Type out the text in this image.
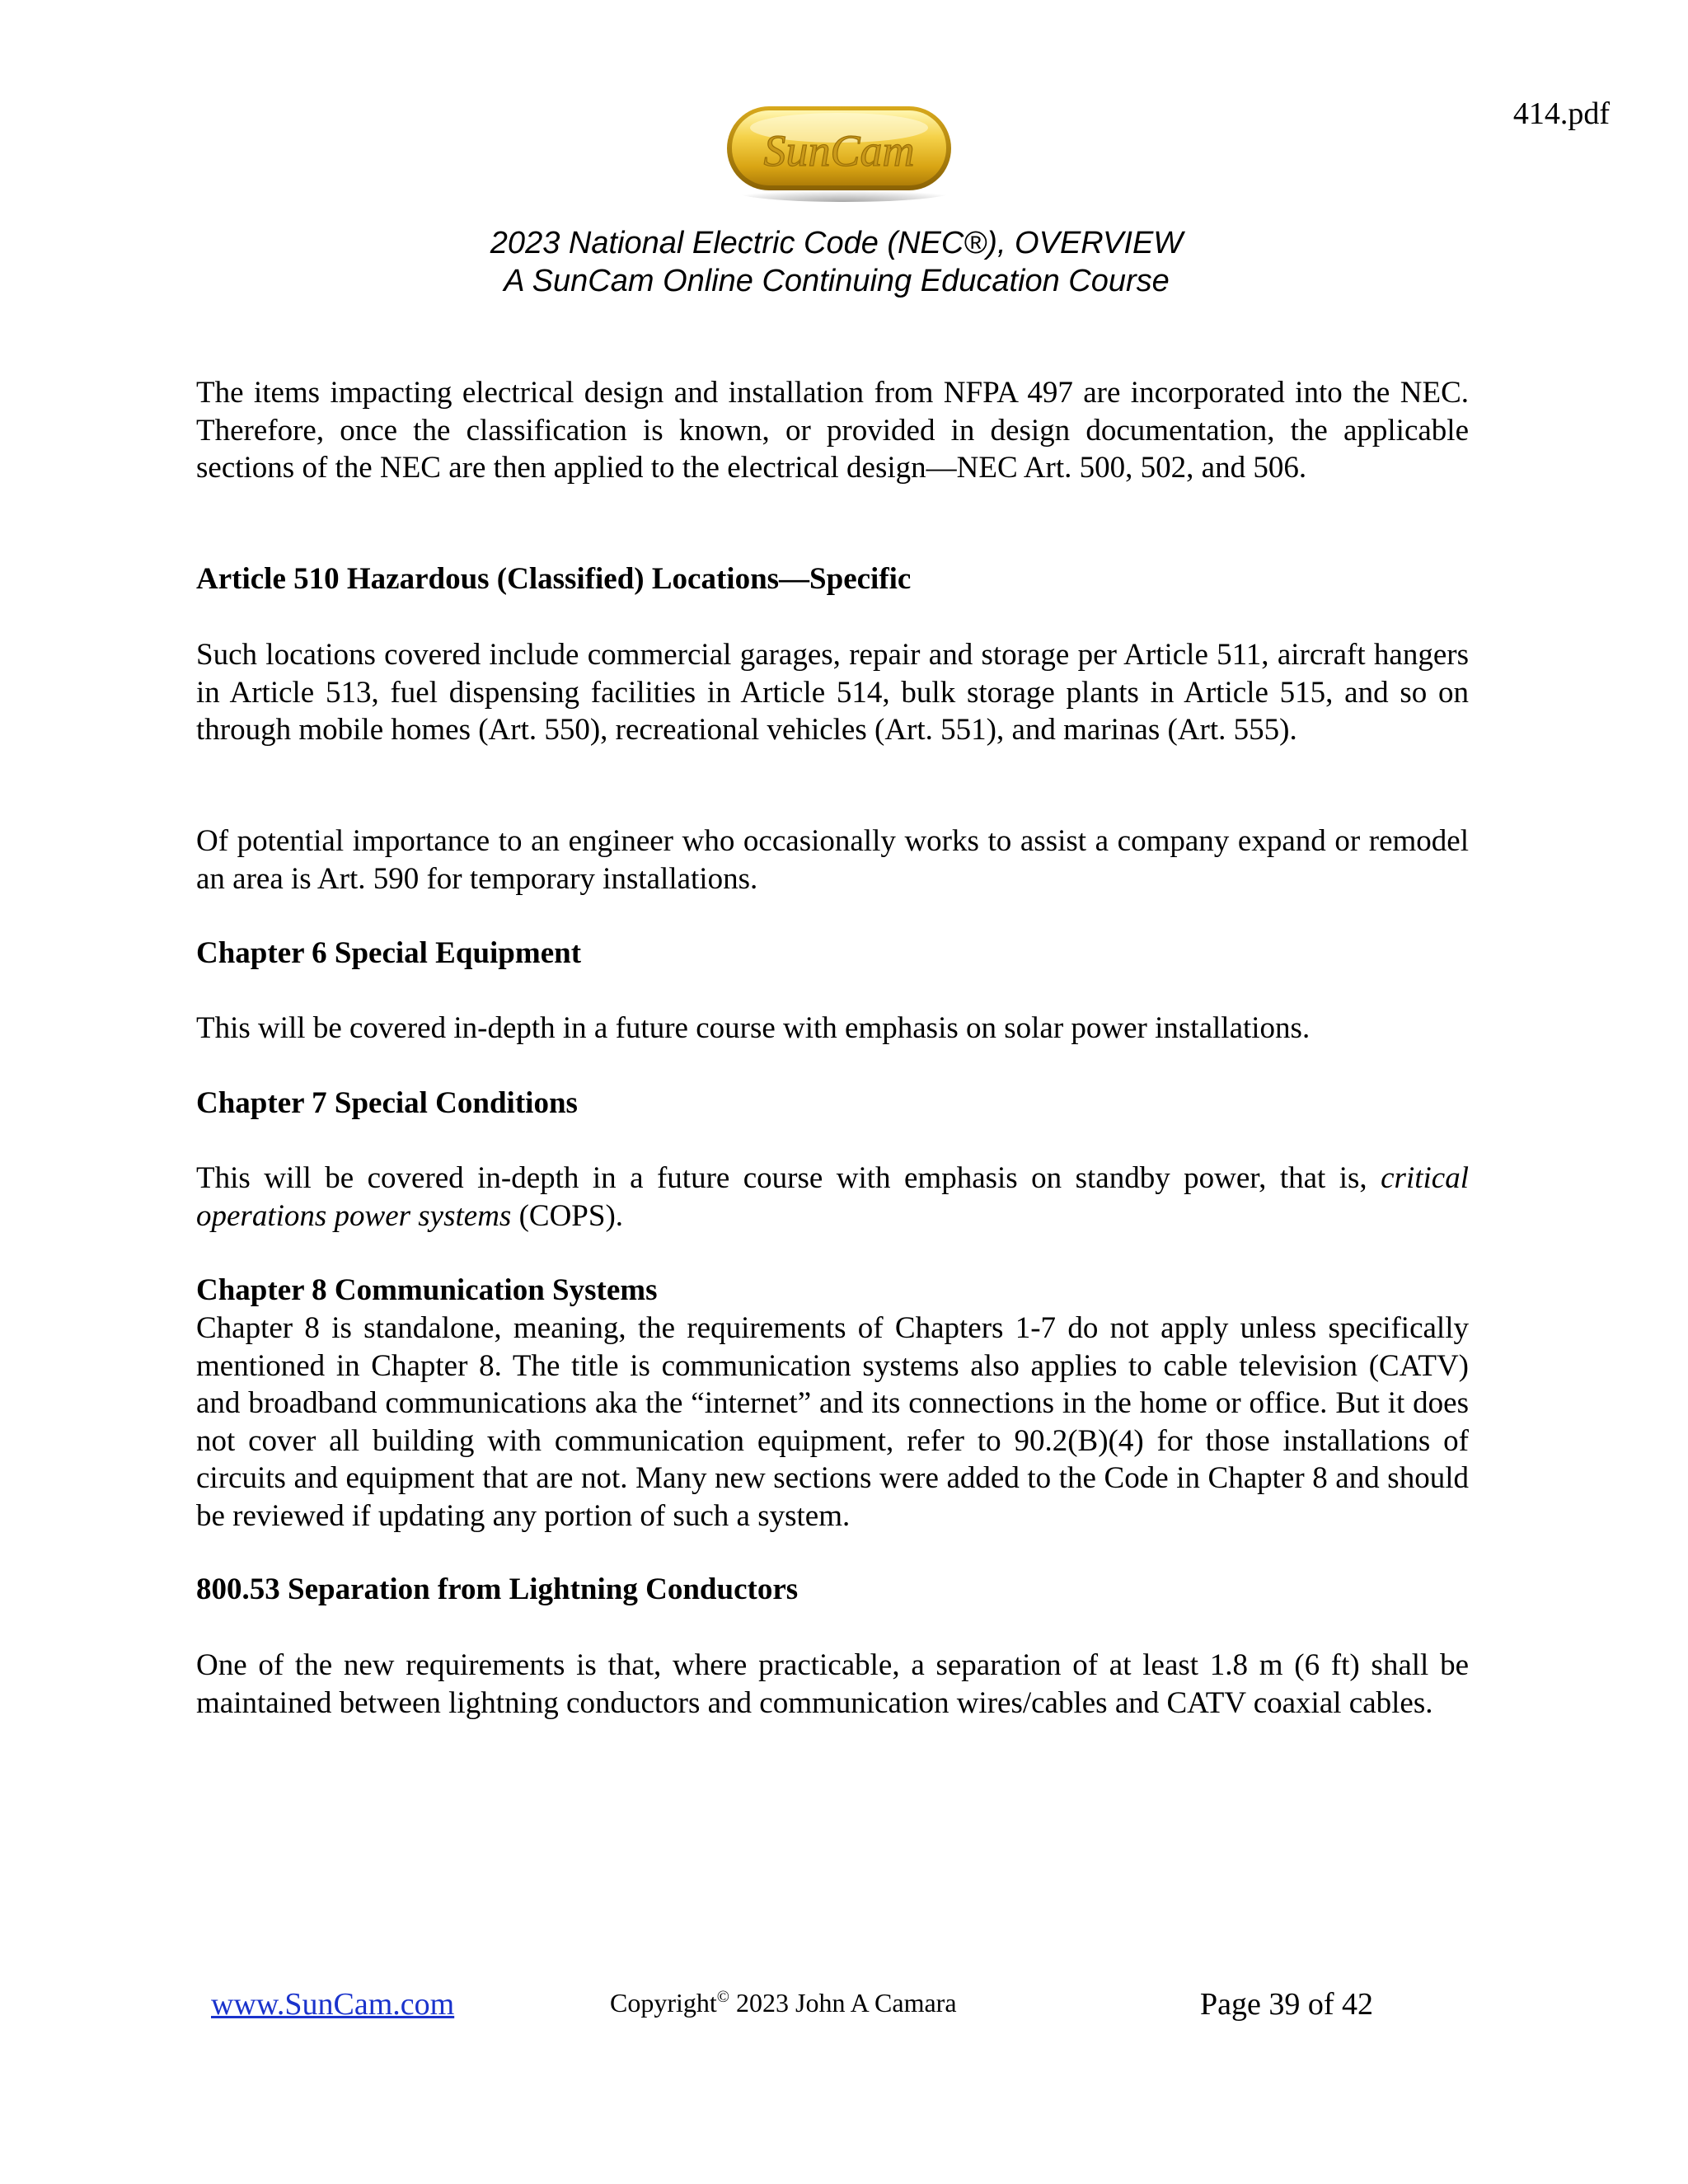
414.pdf
SunCam
2023 National Electric Code (NEC®), OVERVIEW
A SunCam Online Continuing Education Course

The items impacting electrical design and installation from NFPA 497 are incorporated into the NEC. Therefore, once the classification is known, or provided in design documentation, the applicable sections of the NEC are then applied to the electrical design—NEC Art. 500, 502, and 506.

Article 510 Hazardous (Classified) Locations—Specific

Such locations covered include commercial garages, repair and storage per Article 511, aircraft hangers in Article 513, fuel dispensing facilities in Article 514, bulk storage plants in Article 515, and so on through mobile homes (Art. 550), recreational vehicles (Art. 551), and marinas (Art. 555).

Of potential importance to an engineer who occasionally works to assist a company expand or remodel an area is Art. 590 for temporary installations.

Chapter 6 Special Equipment

This will be covered in-depth in a future course with emphasis on solar power installations.

Chapter 7 Special Conditions

This will be covered in-depth in a future course with emphasis on standby power, that is, critical operations power systems (COPS).

Chapter 8 Communication Systems

Chapter 8 is standalone, meaning, the requirements of Chapters 1-7 do not apply unless specifically mentioned in Chapter 8. The title is communication systems also applies to cable television (CATV) and broadband communications aka the “internet” and its connections in the home or office. But it does not cover all building with communication equipment, refer to 90.2(B)(4) for those installations of circuits and equipment that are not. Many new sections were added to the Code in Chapter 8 and should be reviewed if updating any portion of such a system.

800.53 Separation from Lightning Conductors

One of the new requirements is that, where practicable, a separation of at least 1.8 m (6 ft) shall be maintained between lightning conductors and communication wires/cables and CATV coaxial cables.

www.SunCam.com	Copyright© 2023 John A Camara	Page 39 of 42
